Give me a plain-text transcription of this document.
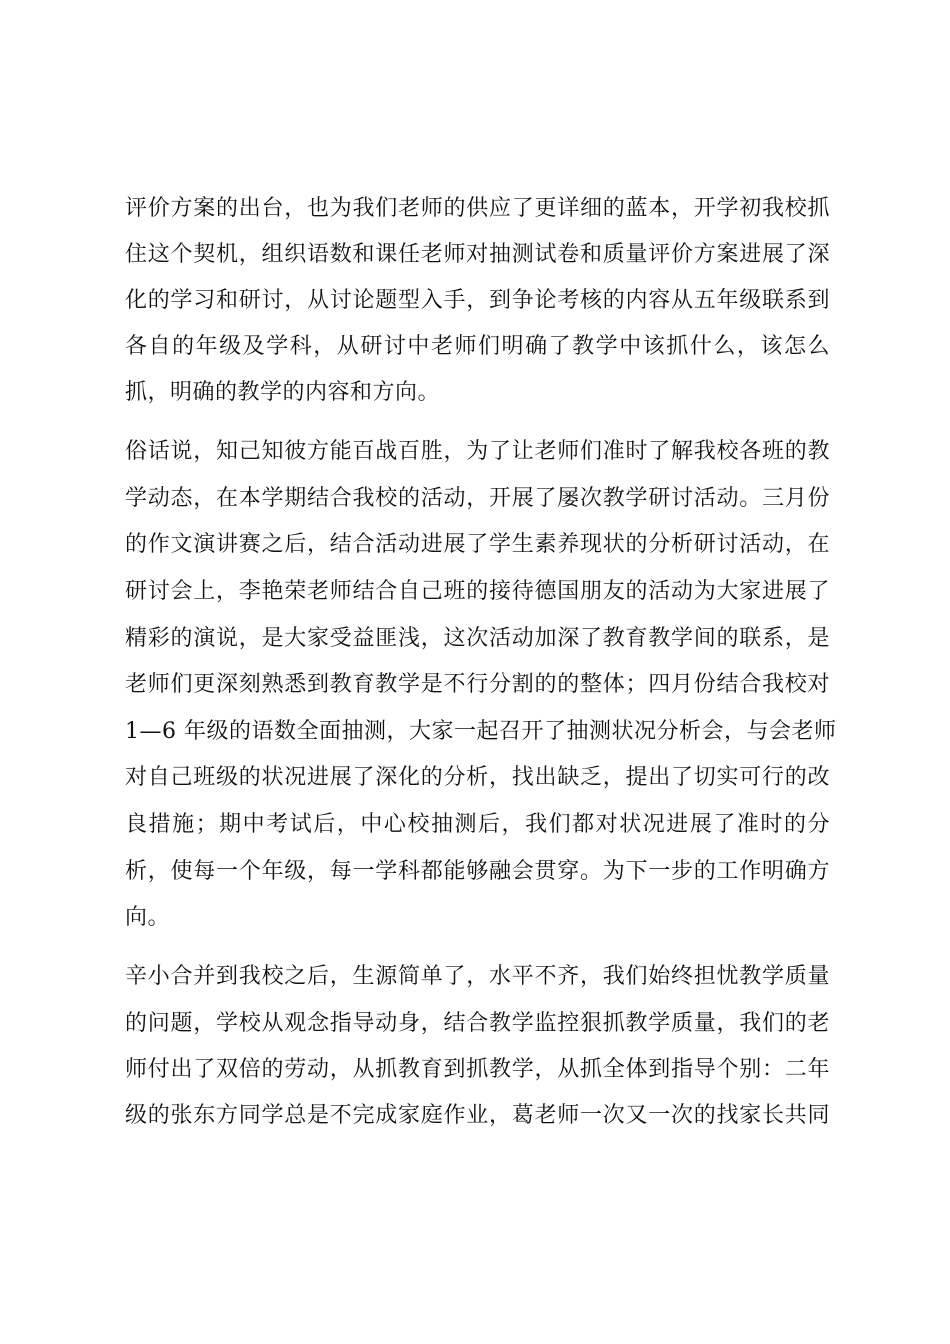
评价方案的出台，也为我们老师的供应了更详细的蓝本，开学初我校抓
住这个契机，组织语数和课任老师对抽测试卷和质量评价方案进展了深
化的学习和研讨，从讨论题型入手，到争论考核的内容从五年级联系到
各自的年级及学科，从研讨中老师们明确了教学中该抓什么，该怎么
抓，明确的教学的内容和方向。
俗话说，知己知彼方能百战百胜，为了让老师们准时了解我校各班的教
学动态，在本学期结合我校的活动，开展了屡次教学研讨活动。三月份
的作文演讲赛之后，结合活动进展了学生素养现状的分析研讨活动，在
研讨会上，李艳荣老师结合自己班的接待德国朋友的活动为大家进展了
精彩的演说，是大家受益匪浅，这次活动加深了教育教学间的联系，是
老师们更深刻熟悉到教育教学是不行分割的的整体；四月份结合我校对
1—6 年级的语数全面抽测，大家一起召开了抽测状况分析会，与会老师
对自己班级的状况进展了深化的分析，找出缺乏，提出了切实可行的改
良措施；期中考试后，中心校抽测后，我们都对状况进展了准时的分
析，使每一个年级，每一学科都能够融会贯穿。为下一步的工作明确方
向。
辛小合并到我校之后，生源简单了，水平不齐，我们始终担忧教学质量
的问题，学校从观念指导动身，结合教学监控狠抓教学质量，我们的老
师付出了双倍的劳动，从抓教育到抓教学，从抓全体到指导个别：二年
级的张东方同学总是不完成家庭作业，葛老师一次又一次的找家长共同
